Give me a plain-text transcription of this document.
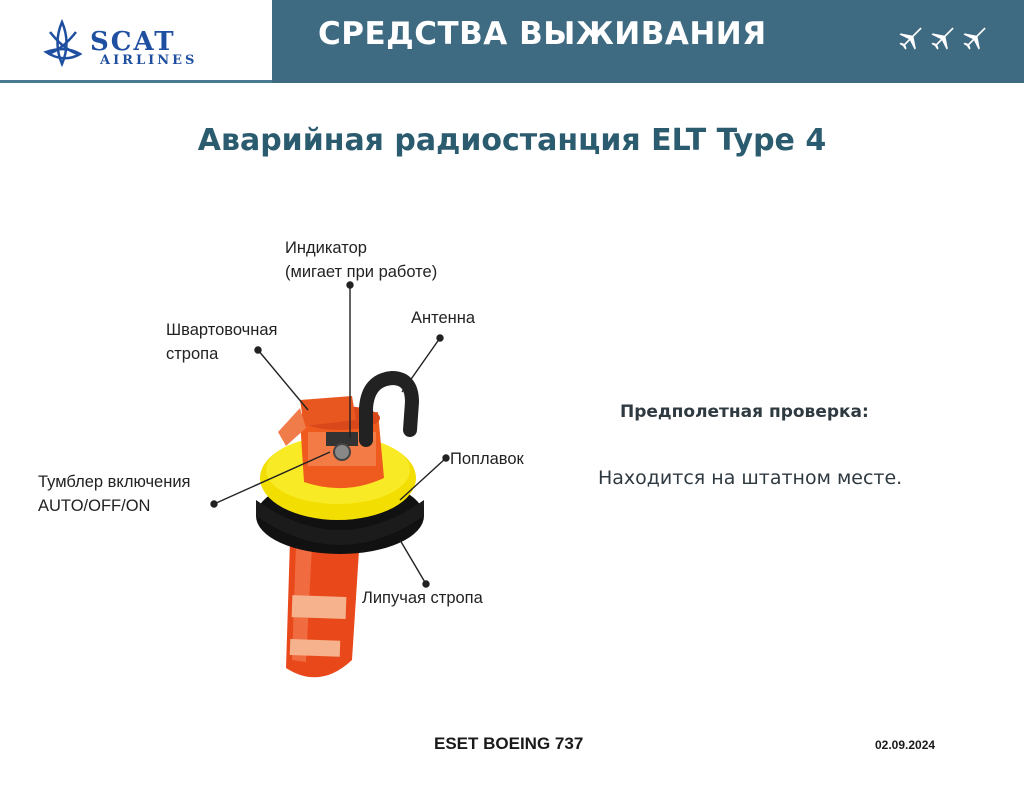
SCAT
AIRLINES
СРЕДСТВА ВЫЖИВАНИЯ
Аварийная радиостанция ELT Type 4
Индикатор
(мигает при работе)
Швартовочная
стропа
Антенна
Тумблер включения
AUTO/OFF/ON
Поплавок
Липучая стропа
Предполетная проверка:
Находится на штатном месте.
ESET BOEING 737	02.09.2024
